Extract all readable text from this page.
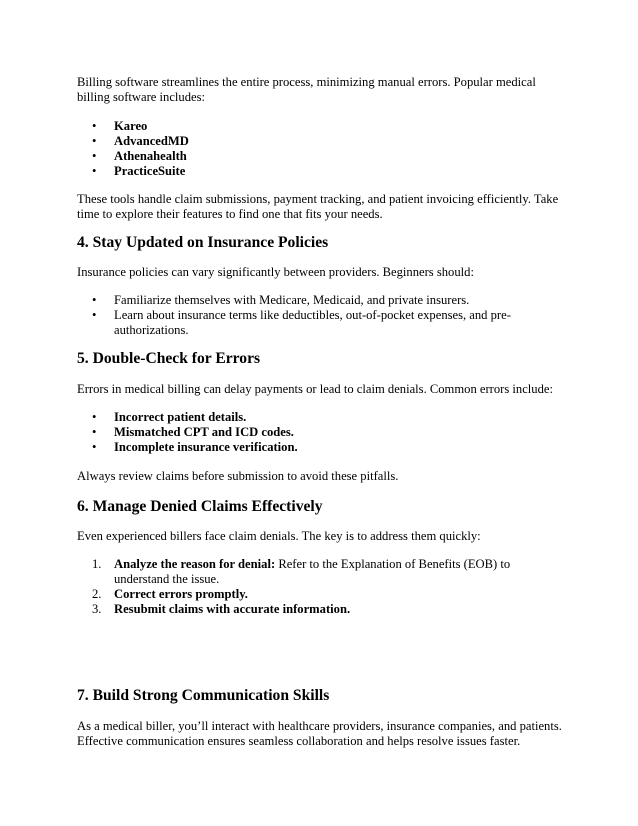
Billing software streamlines the entire process, minimizing manual errors. Popular medical billing software includes:

• Kareo
• AdvancedMD
• Athenahealth
• PracticeSuite

These tools handle claim submissions, payment tracking, and patient invoicing efficiently. Take time to explore their features to find one that fits your needs.

4. Stay Updated on Insurance Policies

Insurance policies can vary significantly between providers. Beginners should:

• Familiarize themselves with Medicare, Medicaid, and private insurers.
• Learn about insurance terms like deductibles, out-of-pocket expenses, and pre-authorizations.
5. Double-Check for Errors

Errors in medical billing can delay payments or lead to claim denials. Common errors include:

• Incorrect patient details.
• Mismatched CPT and ICD codes.
• Incomplete insurance verification.

Always review claims before submission to avoid these pitfalls.

6. Manage Denied Claims Effectively

Even experienced billers face claim denials. The key is to address them quickly:

1. Analyze the reason for denial: Refer to the Explanation of Benefits (EOB) to understand the issue.
2. Correct errors promptly.
3. Resubmit claims with accurate information.
7. Build Strong Communication Skills

As a medical biller, you’ll interact with healthcare providers, insurance companies, and patients. Effective communication ensures seamless collaboration and helps resolve issues faster.
